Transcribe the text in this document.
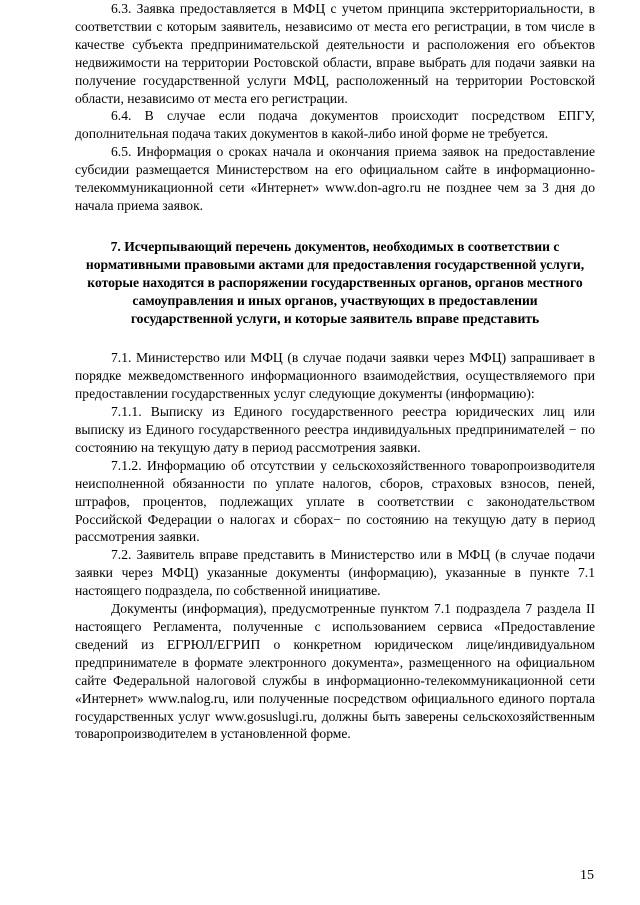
6.3. Заявка предоставляется в МФЦ с учетом принципа экстерриториальности, в соответствии с которым заявитель, независимо от места его регистрации, в том числе в качестве субъекта предпринимательской деятельности и расположения его объектов недвижимости на территории Ростовской области, вправе выбрать для подачи заявки на получение государственной услуги МФЦ, расположенный на территории Ростовской области, независимо от места его регистрации.

6.4. В случае если подача документов происходит посредством ЕПГУ, дополнительная подача таких документов в какой-либо иной форме не требуется.

6.5. Информация о сроках начала и окончания приема заявок на предоставление субсидии размещается Министерством на его официальном сайте в информационно-телекоммуникационной сети «Интернет» www.don-agro.ru не позднее чем за 3 дня до начала приема заявок.

7. Исчерпывающий перечень документов, необходимых в соответствии с нормативными правовыми актами для предоставления государственной услуги, которые находятся в распоряжении государственных органов, органов местного самоуправления и иных органов, участвующих в предоставлении государственной услуги, и которые заявитель вправе представить

7.1. Министерство или МФЦ (в случае подачи заявки через МФЦ) запрашивает в порядке межведомственного информационного взаимодействия, осуществляемого при предоставлении государственных услуг следующие документы (информацию):

7.1.1. Выписку из Единого государственного реестра юридических лиц или выписку из Единого государственного реестра индивидуальных предпринимателей − по состоянию на текущую дату в период рассмотрения заявки.

7.1.2. Информацию об отсутствии у сельскохозяйственного товаропроизводителя неисполненной обязанности по уплате налогов, сборов, страховых взносов, пеней, штрафов, процентов, подлежащих уплате в соответствии с законодательством Российской Федерации о налогах и сборах− по состоянию на текущую дату в период рассмотрения заявки.

7.2. Заявитель вправе представить в Министерство или в МФЦ (в случае подачи заявки через МФЦ) указанные документы (информацию), указанные в пункте 7.1 настоящего подраздела, по собственной инициативе.

Документы (информация), предусмотренные пунктом 7.1 подраздела 7 раздела II настоящего Регламента, полученные с использованием сервиса «Предоставление сведений из ЕГРЮЛ/ЕГРИП о конкретном юридическом лице/индивидуальном предпринимателе в формате электронного документа», размещенного на официальном сайте Федеральной налоговой службы в информационно-телекоммуникационной сети «Интернет» www.nalog.ru, или полученные посредством официального единого портала государственных услуг www.gosuslugi.ru, должны быть заверены сельскохозяйственным товаропроизводителем в установленной форме.

15
